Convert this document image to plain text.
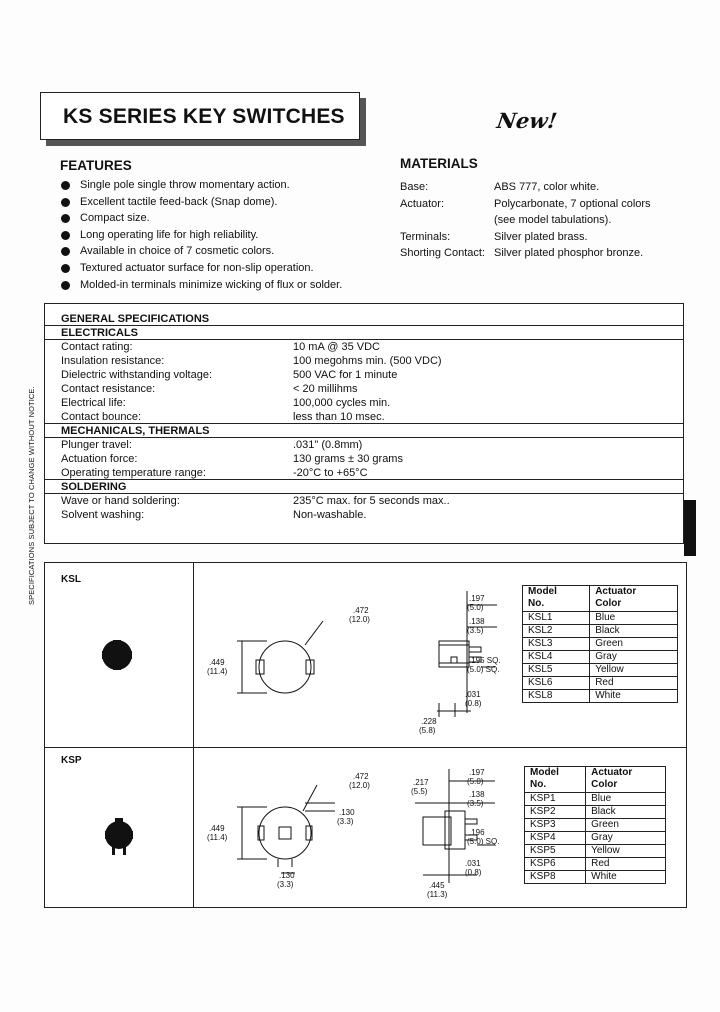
KS SERIES KEY SWITCHES	New!
SPECIFICATIONS SUBJECT TO CHANGE WITHOUT NOTICE.
FEATURES
Single pole single throw momentary action.
Excellent tactile feed-back (Snap dome).
Compact size.
Long operating life for high reliability.
Available in choice of 7 cosmetic colors.
Textured actuator surface for non-slip operation.
Molded-in terminals minimize wicking of flux or solder.
MATERIALS
Base:	ABS 777, color white.
Actuator:	Polycarbonate, 7 optional colors
(see model tabulations).
Terminals:	Silver plated brass.
Shorting Contact: Silver plated phosphor bronze.
GENERAL SPECIFICATIONS
ELECTRICALS
Contact rating:	10 mA @ 35 VDC
Insulation resistance:	100 megohms min. (500 VDC)
Dielectric withstanding voltage:	500 VAC for 1 minute
Contact resistance:	< 20 millihms
Electrical life:	100,000 cycles min.
Contact bounce:	less than 10 msec.
MECHANICALS, THERMALS
Plunger travel:	.031" (0.8mm)
Actuation force:	130 grams ± 30 grams
Operating temperature range:	-20°C to +65°C
SOLDERING
Wave or hand soldering:	235°C max. for 5 seconds max..
Solvent washing:	Non-washable.
KSL
KSP
.472
(12.0)
.449
(11.4)
.197
(5.0)
.138
(3.5)
.195 SQ.
(5.0) SQ.
.031
(0.8)
.228
(5.8)
Model
No.	Actuator
Color
KSL1	Blue
KSL2	Black
KSL3	Green
KSL4	Gray
KSL5	Yellow
KSL6	Red
KSL8	White
.472
(12.0)
.449
(11.4)
.130
(3.3)
.130
(3.3)
.217
(5.5)
.197
(5.0)
.138
(3.5)
.196
(5.0) SQ.
.031
(0.8)
.445
(11.3)
Model
No.	Actuator
Color
KSP1	Blue
KSP2	Black
KSP3	Green
KSP4	Gray
KSP5	Yellow
KSP6	Red
KSP8	White
